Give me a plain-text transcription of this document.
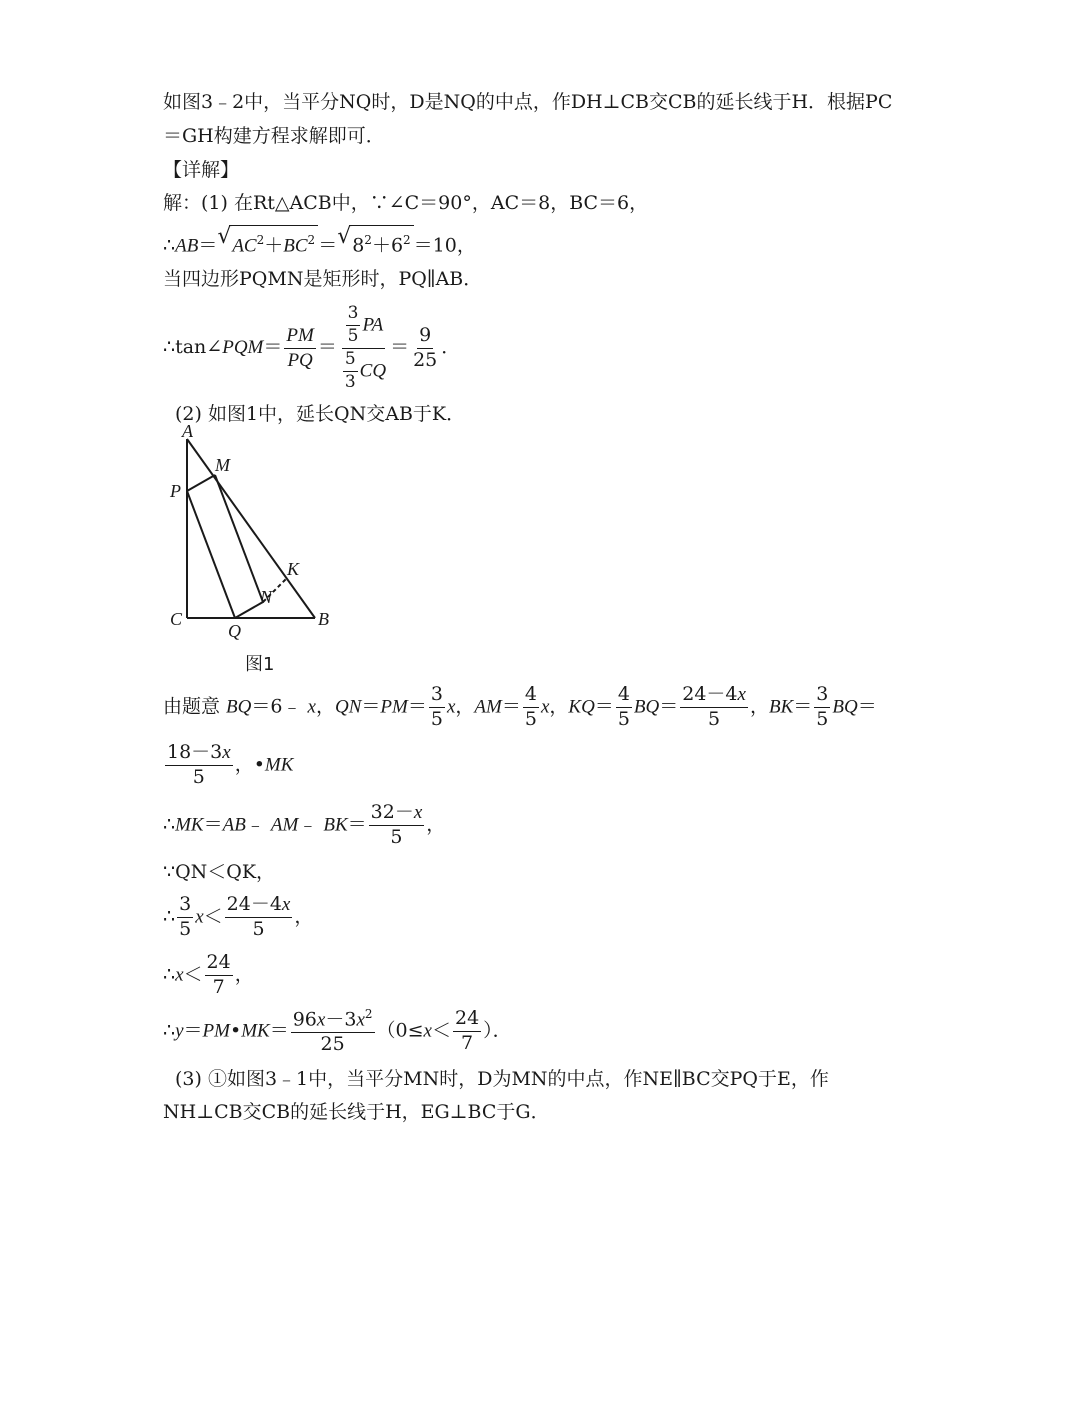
如图3﹣2中，当平分NQ时，D是NQ的中点，作DH⊥CB交CB的延长线于H．根据PC
＝GH构建方程求解即可．
【详解】
解：(1) 在Rt△ACB中，∵∠C＝90°，AC＝8，BC＝6，
∴AB＝ √ $AC^2+BC^2$ ＝ √ $8^2+6^2 =10$，
当四边形PQMN是矩形时，PQ∥AB．
∴tan∠PQM＝ $\frac{PM}{PQ} = \frac{\frac{3}{5} PA}{\frac{5}{3} CQ} = \frac{9}{25}$ ．
(2) 如图1中，延长QN交AB于K．
A
M
P
K
N
C
Q
B
图1
由题意 BQ＝6﹣ x，$QN=PM= \frac{3}{5}$ x，$AM= \frac{4}{5}$ x，$KQ= \frac{4}{5} BQ= \frac{24-4x}{5}$ ，$BK= \frac{3}{5} BQ=$
$\frac{18-3x}{5}$ ，•MK
∴MK＝AB﹣ AM﹣ $BK= \frac{32-x}{5}$ ，
∵QN＜QK，
∴ $\frac{3}{5} x< \frac{24-4x}{5}$ ，
∴x＜ $\frac{24}{7}$ ，
∴y＝PM•MK＝ $\frac{96x-3x^2}{25} (0\le x< \frac{24}{7}$ ）．
(3) ①如图3﹣1中，当平分MN时，D为MN的中点，作NE∥BC交PQ于E，作
NH⊥CB交CB的延长线于H，EG⊥BC于G．
